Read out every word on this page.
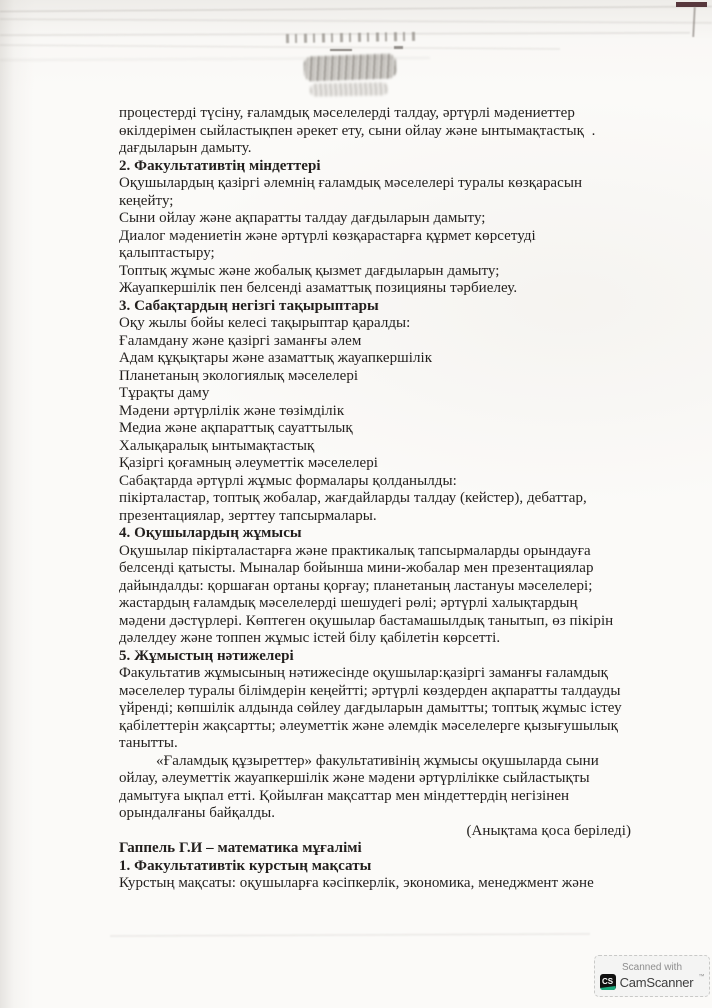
процестерді түсіну, ғаламдық мәселелерді талдау, әртүрлі мәдениеттер
өкілдерімен сыйластықпен әрекет ету, сыни ойлау және ынтымақтастық  .
дағдыларын дамыту.
2. Факультативтің міндеттері
Оқушылардың қазіргі әлемнің ғаламдық мәселелері туралы көзқарасын
кеңейту;
Сыни ойлау және ақпаратты талдау дағдыларын дамыту;
Диалог мәдениетін және әртүрлі көзқарастарға құрмет көрсетуді
қалыптастыру;
Топтық жұмыс және жобалық қызмет дағдыларын дамыту;
Жауапкершілік пен белсенді азаматтық позицияны тәрбиелеу.
3. Сабақтардың негізгі тақырыптары
Оқу жылы бойы келесі тақырыптар қаралды:
Ғаламдану және қазіргі заманғы әлем
Адам құқықтары және азаматтық жауапкершілік
Планетаның экологиялық мәселелері
Тұрақты даму
Мәдени әртүрлілік және төзімділік
Медиа және ақпараттық сауаттылық
Халықаралық ынтымақтастық
Қазіргі қоғамның әлеуметтік мәселелері
Сабақтарда әртүрлі жұмыс формалары қолданылды:
пікірталастар, топтық жобалар, жағдайларды талдау (кейстер), дебаттар,
презентациялар, зерттеу тапсырмалары.
4. Оқушылардың жұмысы
Оқушылар пікірталастарға және практикалық тапсырмаларды орындауға
белсенді қатысты. Мыналар бойынша мини-жобалар мен презентациялар
дайындалды: қоршаған ортаны қорғау; планетаның ластануы мәселелері;
жастардың ғаламдық мәселелерді шешудегі рөлі; әртүрлі халықтардың
мәдени дәстүрлері. Көптеген оқушылар бастамашылдық танытып, өз пікірін
дәлелдеу және топпен жұмыс істей білу қабілетін көрсетті.
5. Жұмыстың нәтижелері
Факультатив жұмысының нәтижесінде оқушылар:қазіргі заманғы ғаламдық
мәселелер туралы білімдерін кеңейтті; әртүрлі көздерден ақпаратты талдауды
үйренді; көпшілік алдында сөйлеу дағдыларын дамытты; топтық жұмыс істеу
қабілеттерін жақсартты; әлеуметтік және әлемдік мәселелерге қызығушылық
танытты.
«Ғаламдық құзыреттер» факультативінің жұмысы оқушыларда сыни
ойлау, әлеуметтік жауапкершілік және мәдени әртүрлілікке сыйластықты
дамытуға ықпал етті. Қойылған мақсаттар мен міндеттердің негізінен
орындалғаны байқалды.
(Анықтама қоса беріледі)
Гаппель Г.И – математика мұғалімі
1. Факультативтік курстың мақсаты
Курстың мақсаты: оқушыларға кәсіпкерлік, экономика, менеджмент және
Scanned with
CS CamScanner ™
